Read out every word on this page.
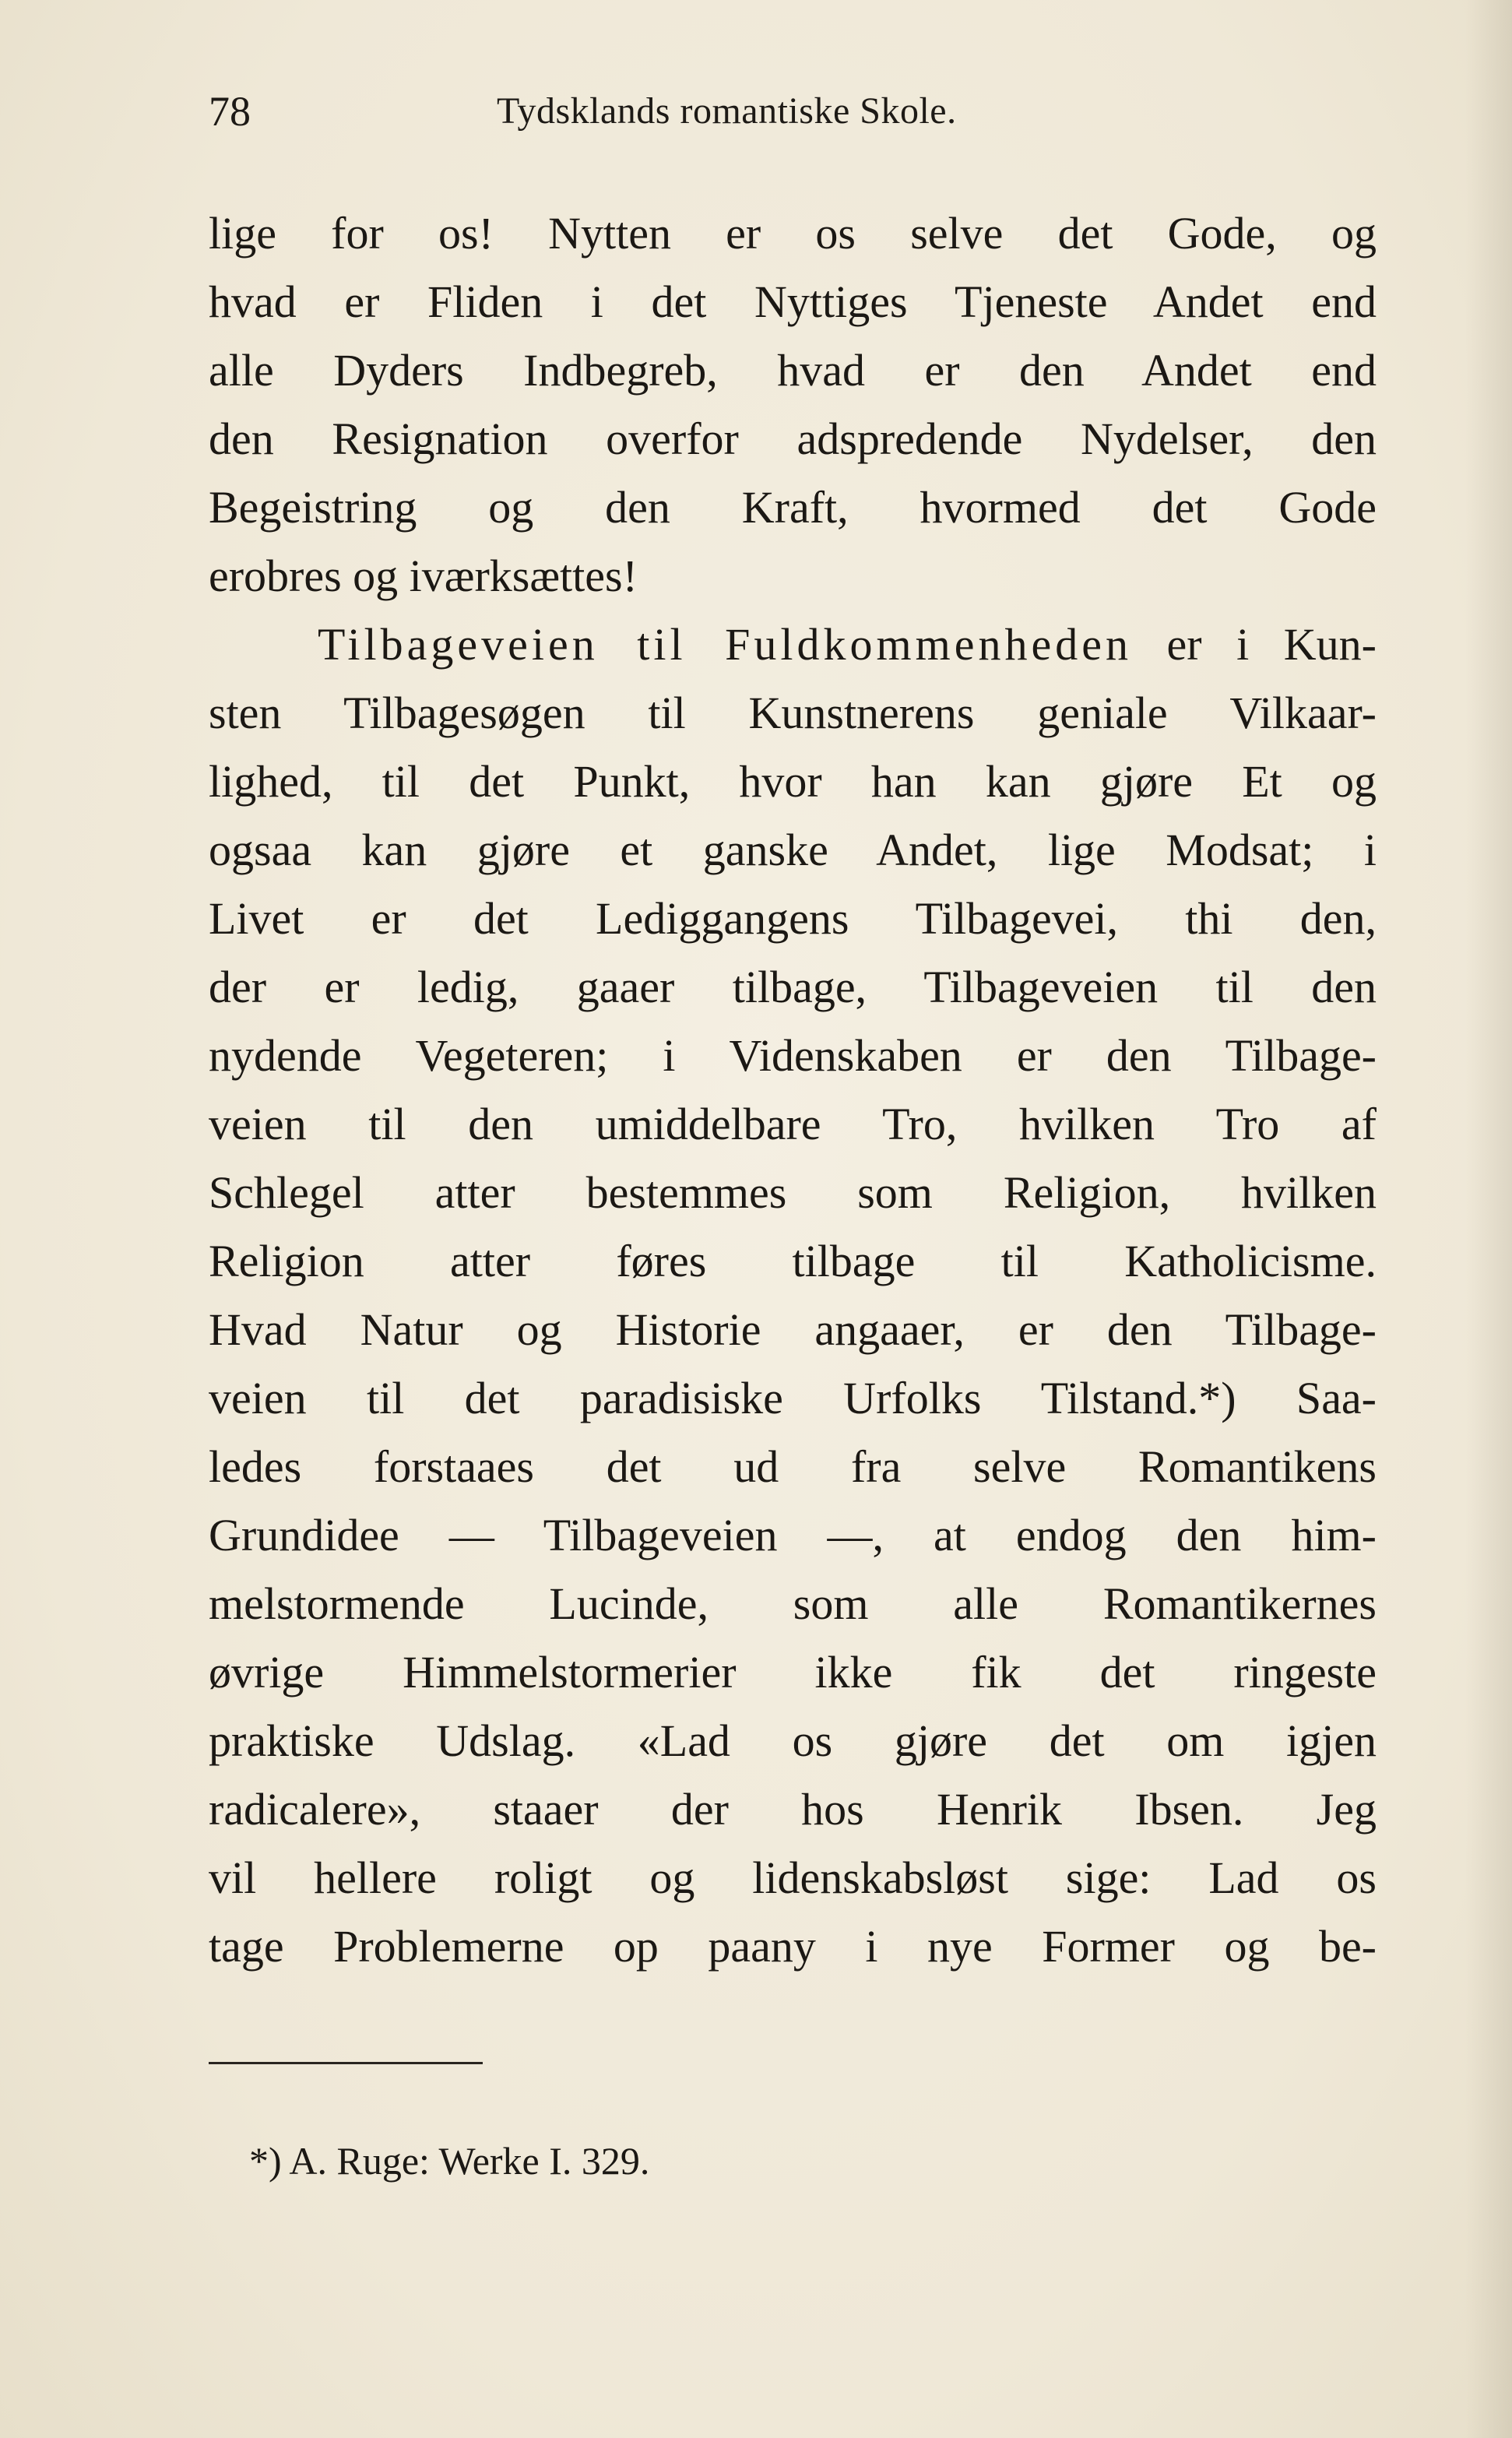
78	Tydsklands romantiske Skole.
lige for os! Nytten er os selve det Gode, og
hvad er Fliden i det Nyttiges Tjeneste Andet end
alle Dyders Indbegreb, hvad er den Andet end
den Resignation overfor adspredende Nydelser, den
Begeistring og den Kraft, hvormed det Gode
erobres og iværksættes!
Tilbageveien til Fuldkommenheden er i Kun-
sten Tilbagesøgen til Kunstnerens geniale Vilkaar-
lighed, til det Punkt, hvor han kan gjøre Et og
ogsaa kan gjøre et ganske Andet, lige Modsat; i
Livet er det Lediggangens Tilbagevei, thi den,
der er ledig, gaaer tilbage, Tilbageveien til den
nydende Vegeteren; i Videnskaben er den Tilbage-
veien til den umiddelbare Tro, hvilken Tro af
Schlegel atter bestemmes som Religion, hvilken
Religion atter føres tilbage til Katholicisme.
Hvad Natur og Historie angaaer, er den Tilbage-
veien til det paradisiske Urfolks Tilstand.*) Saa-
ledes forstaaes det ud fra selve Romantikens
Grundidee — Tilbageveien —, at endog den him-
melstormende Lucinde, som alle Romantikernes
øvrige Himmelstormerier ikke fik det ringeste
praktiske Udslag. «Lad os gjøre det om igjen
radicalere», staaer der hos Henrik Ibsen. Jeg
vil hellere roligt og lidenskabsløst sige: Lad os
tage Problemerne op paany i nye Former og be-
*) A. Ruge: Werke I. 329.
